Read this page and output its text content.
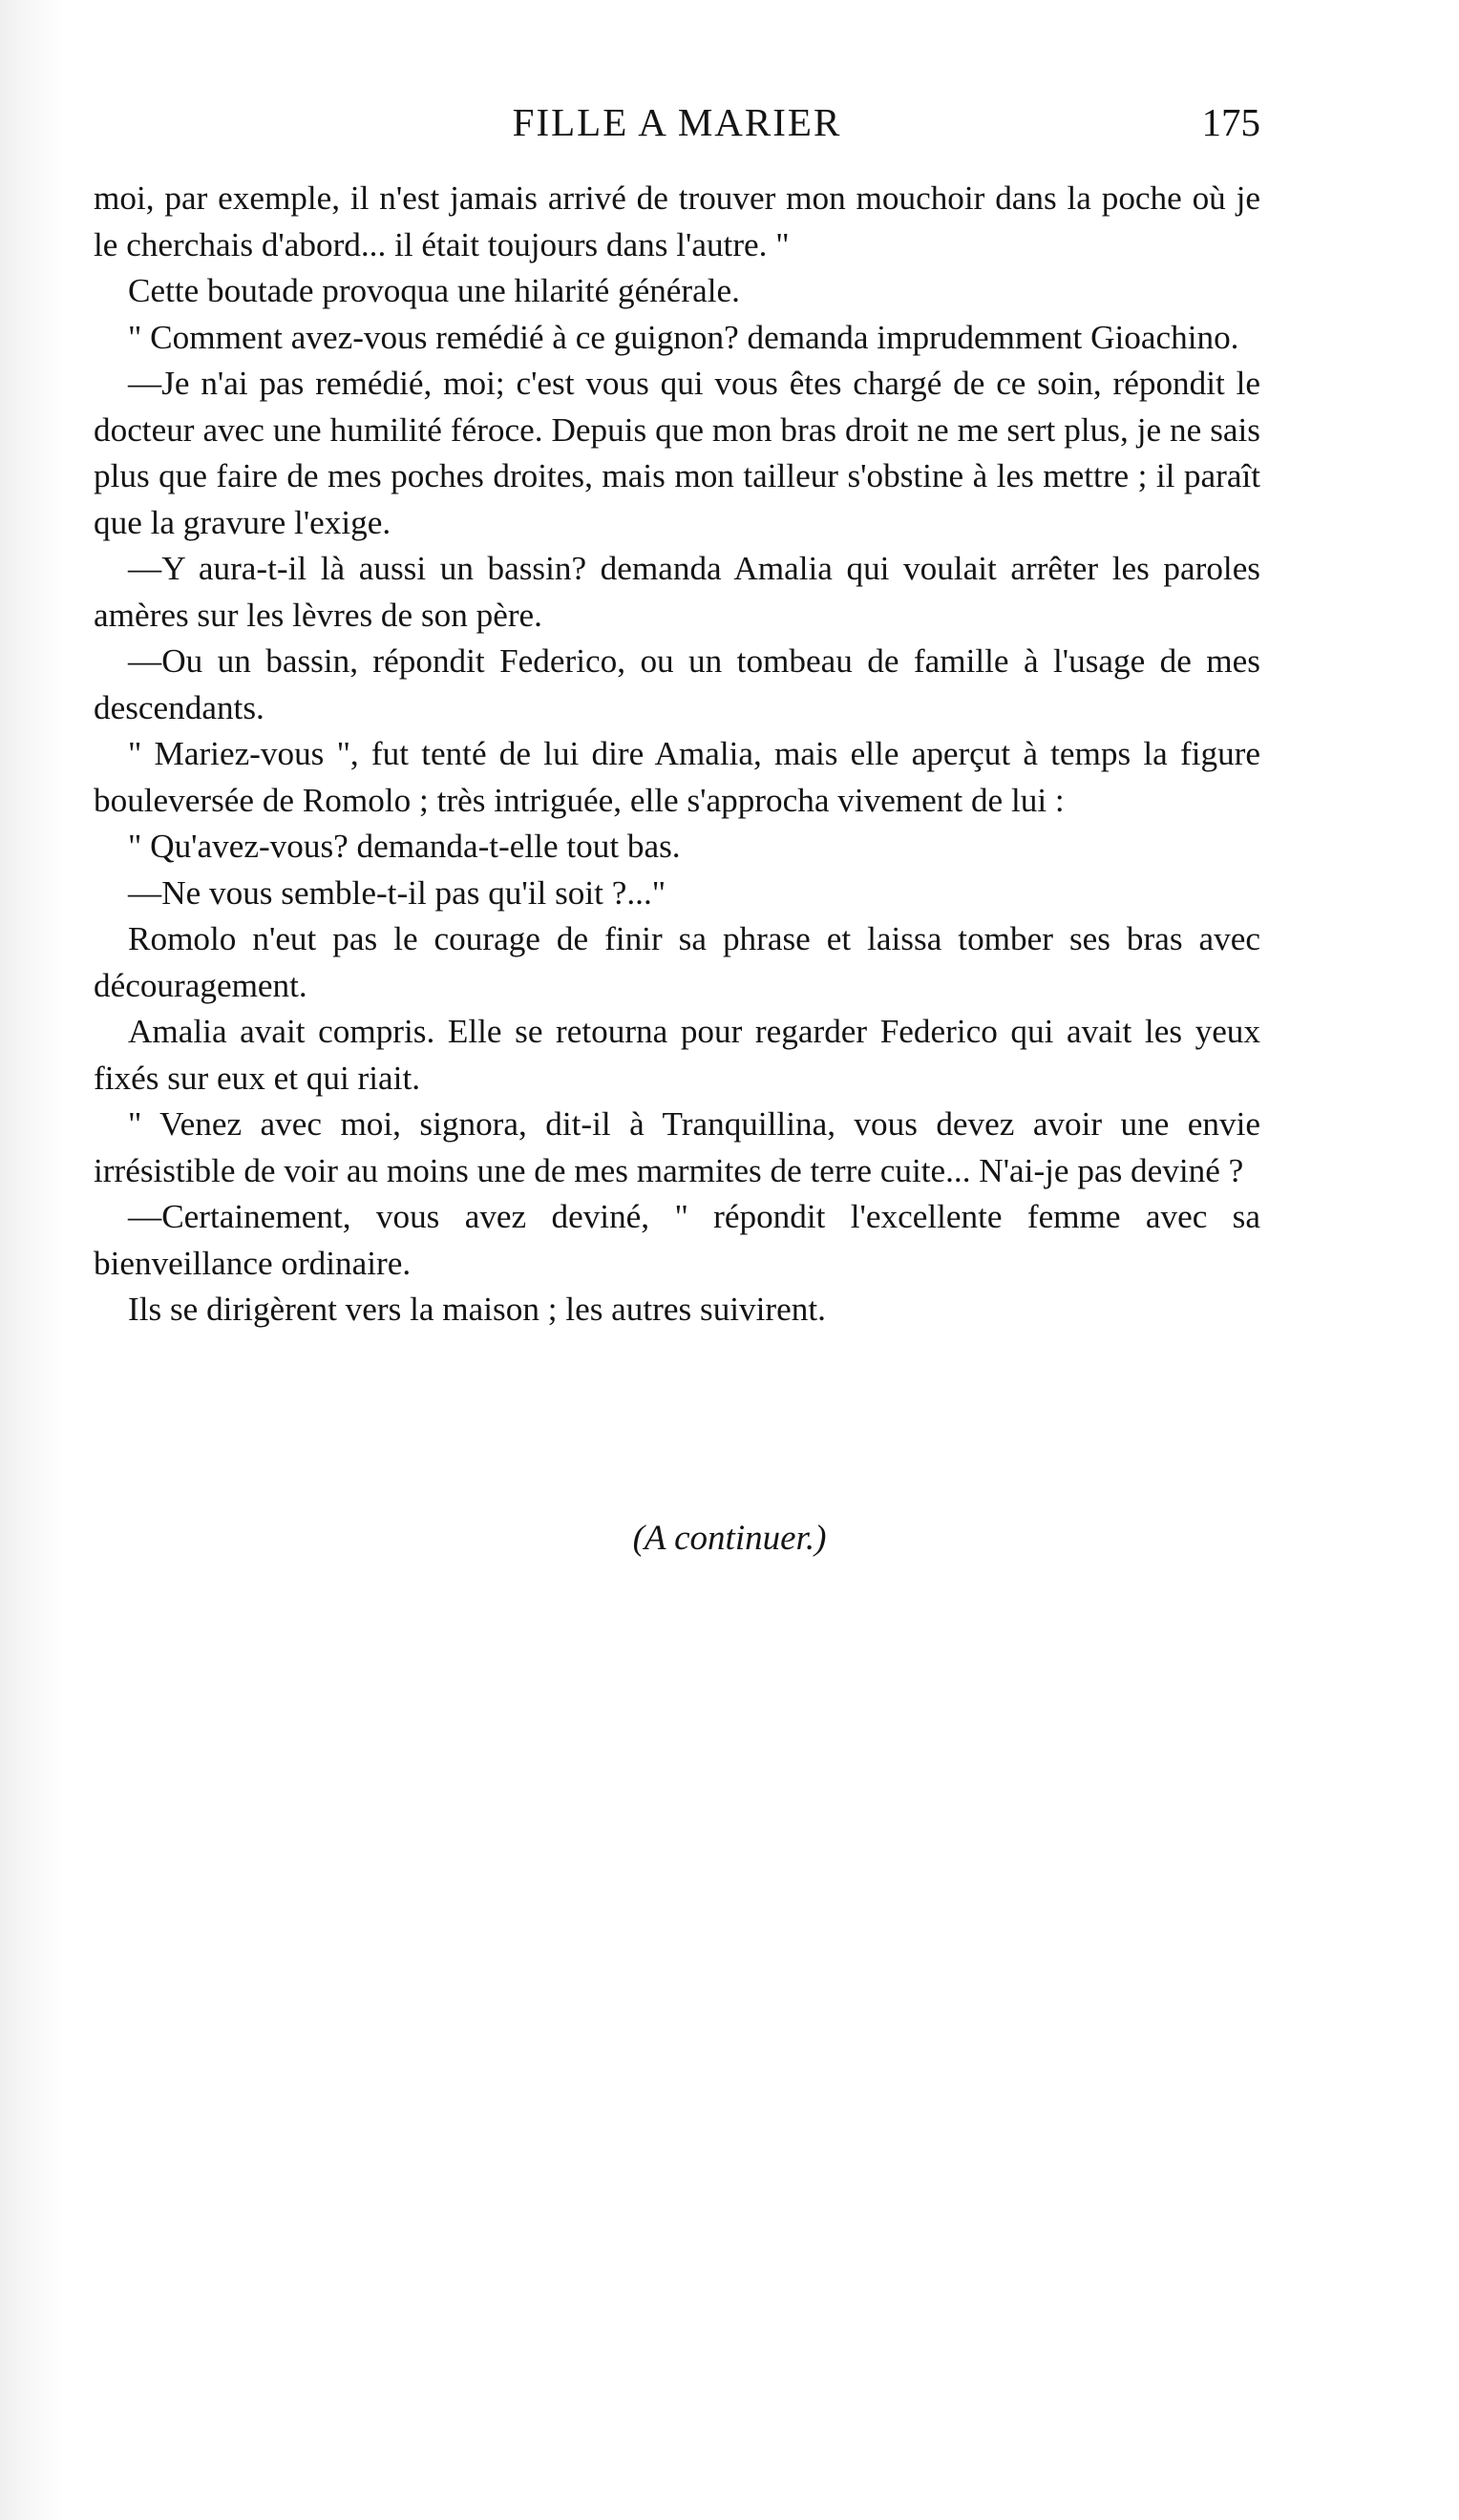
FILLE A MARIER	175

moi, par exemple, il n'est jamais arrivé de trouver mon mouchoir dans la poche où je le cherchais d'abord... il était toujours dans l'autre. "

Cette boutade provoqua une hilarité générale.

" Comment avez-vous remédié à ce guignon? demanda imprudemment Gioachino.

—Je n'ai pas remédié, moi; c'est vous qui vous êtes chargé de ce soin, répondit le docteur avec une humilité féroce. Depuis que mon bras droit ne me sert plus, je ne sais plus que faire de mes poches droites, mais mon tailleur s'obstine à les mettre ; il paraît que la gravure l'exige.

—Y aura-t-il là aussi un bassin? demanda Amalia qui voulait arrêter les paroles amères sur les lèvres de son père.

—Ou un bassin, répondit Federico, ou un tombeau de famille à l'usage de mes descendants.

" Mariez-vous ", fut tenté de lui dire Amalia, mais elle aperçut à temps la figure bouleversée de Romolo ; très intriguée, elle s'approcha vivement de lui :

" Qu'avez-vous? demanda-t-elle tout bas.

—Ne vous semble-t-il pas qu'il soit ?..."

Romolo n'eut pas le courage de finir sa phrase et laissa tomber ses bras avec découragement.

Amalia avait compris. Elle se retourna pour regarder Federico qui avait les yeux fixés sur eux et qui riait.

" Venez avec moi, signora, dit-il à Tranquillina, vous devez avoir une envie irrésistible de voir au moins une de mes marmites de terre cuite... N'ai-je pas deviné ?

—Certainement, vous avez deviné, " répondit l'excellente femme avec sa bienveillance ordinaire.

Ils se dirigèrent vers la maison ; les autres suivirent.

(A continuer.)
